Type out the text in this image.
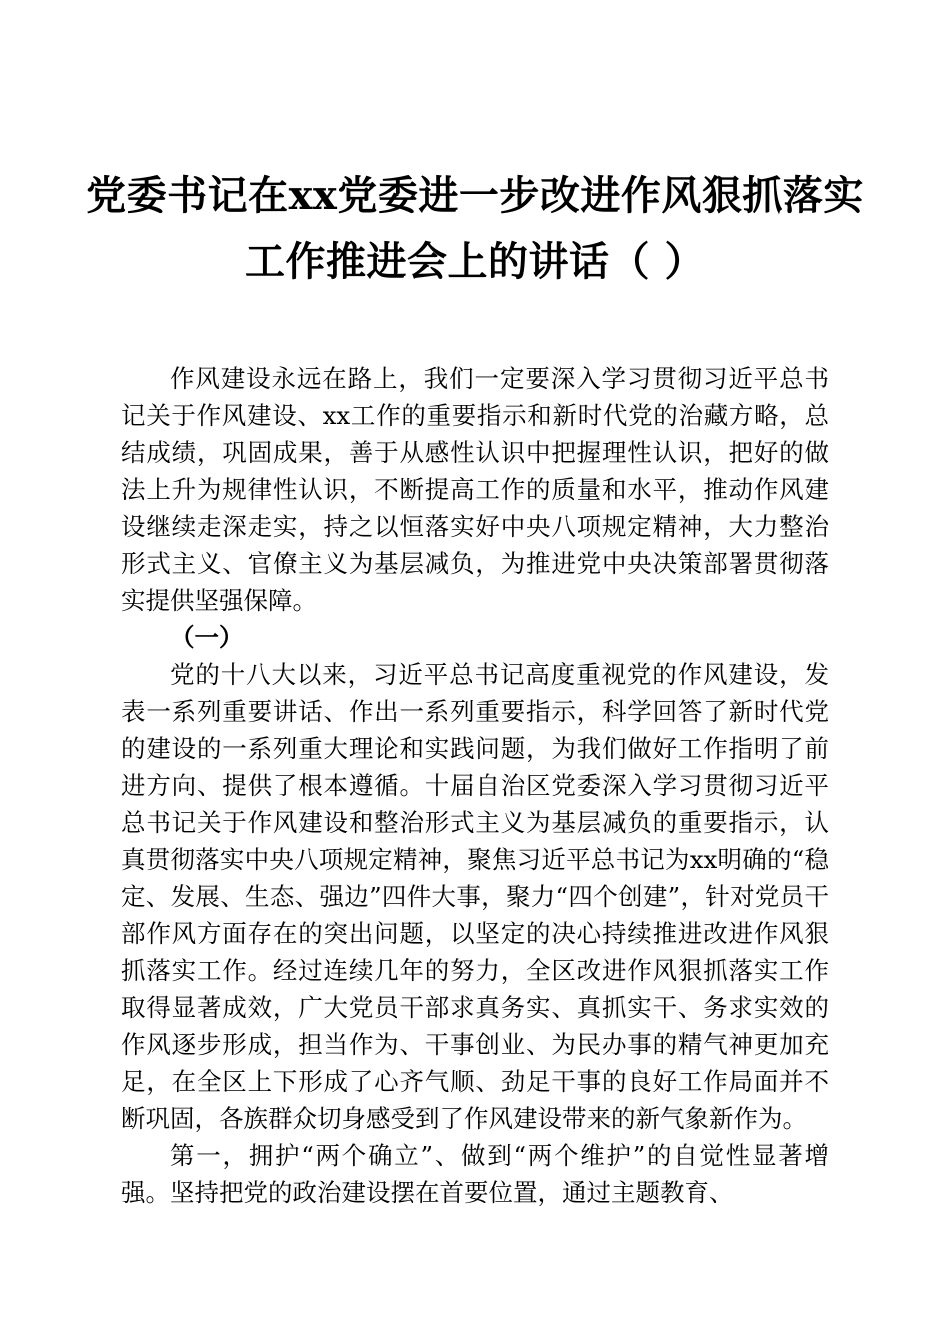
党委书记在xx党委进一步改进作风狠抓落实
工作推进会上的讲话（ ）

作风建设永远在路上，我们一定要深入学习贯彻习近平总书记关于作风建设、xx工作的重要指示和新时代党的治藏方略，总结成绩，巩固成果，善于从感性认识中把握理性认识，把好的做法上升为规律性认识，不断提高工作的质量和水平，推动作风建设继续走深走实，持之以恒落实好中央八项规定精神，大力整治形式主义、官僚主义为基层减负，为推进党中央决策部署贯彻落实提供坚强保障。

（一）

党的十八大以来，习近平总书记高度重视党的作风建设，发表一系列重要讲话、作出一系列重要指示，科学回答了新时代党的建设的一系列重大理论和实践问题，为我们做好工作指明了前进方向、提供了根本遵循。十届自治区党委深入学习贯彻习近平总书记关于作风建设和整治形式主义为基层减负的重要指示，认真贯彻落实中央八项规定精神，聚焦习近平总书记为xx明确的“稳定、发展、生态、强边”四件大事，聚力“四个创建”，针对党员干部作风方面存在的突出问题，以坚定的决心持续推进改进作风狠抓落实工作。经过连续几年的努力，全区改进作风狠抓落实工作取得显著成效，广大党员干部求真务实、真抓实干、务求实效的作风逐步形成，担当作为、干事创业、为民办事的精气神更加充足，在全区上下形成了心齐气顺、劲足干事的良好工作局面并不断巩固，各族群众切身感受到了作风建设带来的新气象新作为。

第一，拥护“两个确立”、做到“两个维护”的自觉性显著增强。坚持把党的政治建设摆在首要位置，通过主题教育、
